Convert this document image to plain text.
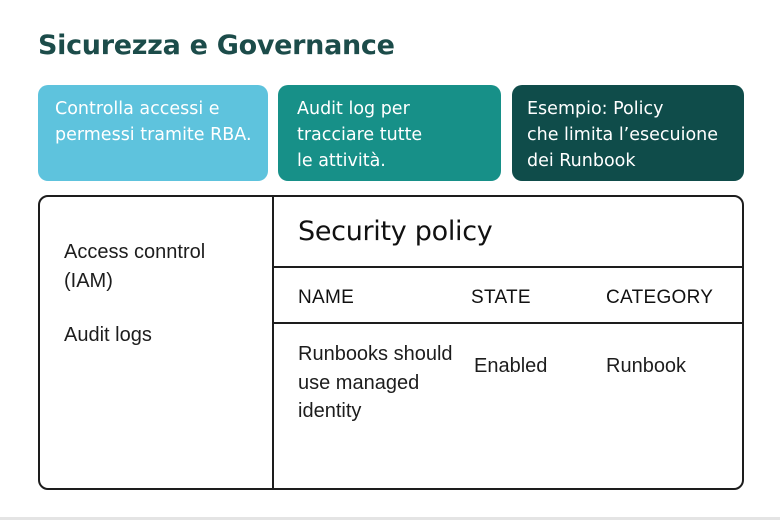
Sicurezza e Governance
Controlla accessi e
permessi tramite RBA.
Audit log per
tracciare tutte
le attività.
Esempio: Policy
che limita l’esecuione
dei Runbook
Access conntrol
(IAM)
Audit logs
Security policy
NAME	STATE	CATEGORY
Runbooks should
use managed
identity
Enabled	Runbook
